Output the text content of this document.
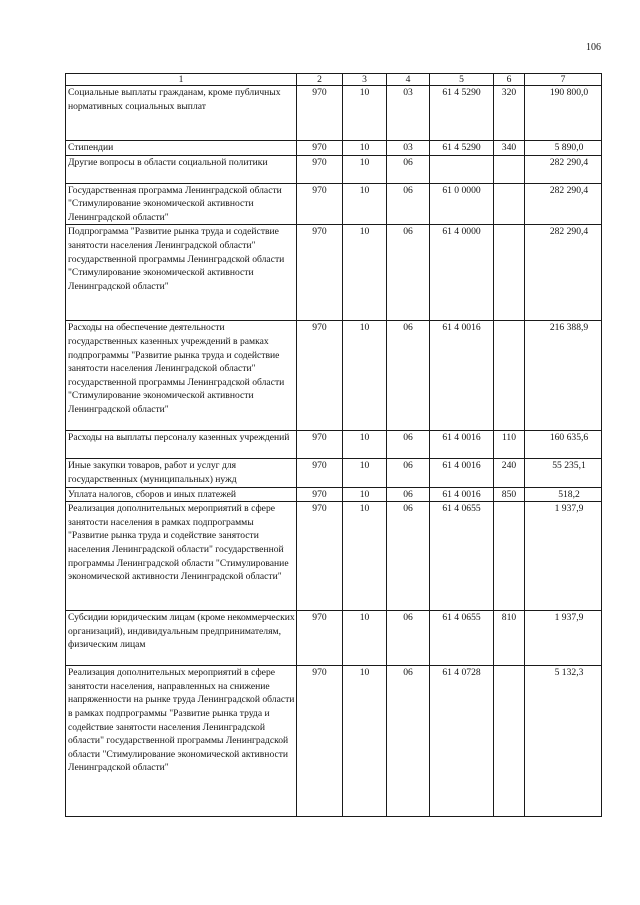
106
1	2	3	4	5	6	7
Социальные выплаты гражданам, кроме публичных нормативных социальных выплат	970	10	03	61 4 5290	320	190 800,0
Стипендии	970	10	03	61 4 5290	340	5 890,0
Другие вопросы в области социальной политики	970	10	06			282 290,4
Государственная программа Ленинградской области "Стимулирование экономической активности Ленинградской области"	970	10	06	61 0 0000		282 290,4
Подпрограмма "Развитие рынка труда и содействие занятости населения Ленинградской области" государственной программы Ленинградской области "Стимулирование экономической активности Ленинградской области"	970	10	06	61 4 0000		282 290,4
Расходы на обеспечение деятельности государственных казенных учреждений в рамках подпрограммы "Развитие рынка труда и содействие занятости населения Ленинградской области" государственной программы Ленинградской области "Стимулирование экономической активности Ленинградской области"	970	10	06	61 4 0016		216 388,9
Расходы на выплаты персоналу казенных учреждений	970	10	06	61 4 0016	110	160 635,6
Иные закупки товаров, работ и услуг для государственных (муниципальных) нужд	970	10	06	61 4 0016	240	55 235,1
Уплата налогов, сборов и иных платежей	970	10	06	61 4 0016	850	518,2
Реализация дополнительных мероприятий в сфере занятости населения в рамках подпрограммы "Развитие рынка труда и содействие занятости населения Ленинградской области" государственной программы Ленинградской области "Стимулирование экономической активности Ленинградской области"	970	10	06	61 4 0655		1 937,9
Субсидии юридическим лицам (кроме некоммерческих организаций), индивидуальным предпринимателям, физическим лицам	970	10	06	61 4 0655	810	1 937,9
Реализация дополнительных мероприятий в сфере занятости населения, направленных на снижение напряженности на рынке труда Ленинградской области в рамках подпрограммы "Развитие рынка труда и содействие занятости населения Ленинградской области" государственной программы Ленинградской области "Стимулирование экономической активности Ленинградской области"	970	10	06	61 4 0728		5 132,3
